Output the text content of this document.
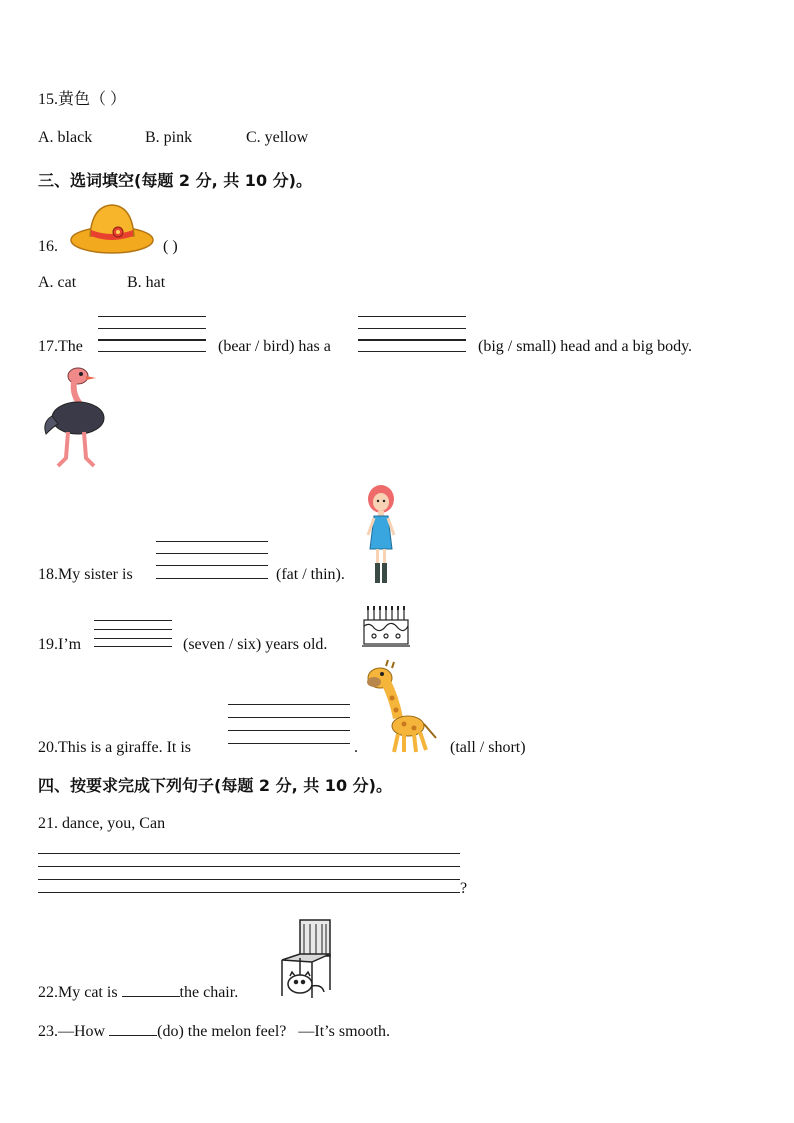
15.黄色（ ）
A. black	B. pink	C. yellow
三、选词填空(每题 2 分, 共 10 分)。
16.	( )
A. cat	B. hat
17.The	(bear / bird) has a	(big / small) head and a big body.
18.My sister is	(fat / thin).
19.I’m	(seven / six) years old.
20.This is a giraffe. It is	.	(tall / short)
四、按要求完成下列句子(每题 2 分, 共 10 分)。
21. dance, you, Can
?
22.My cat is	the chair.
23.—How	(do) the melon feel? —It’s smooth.
